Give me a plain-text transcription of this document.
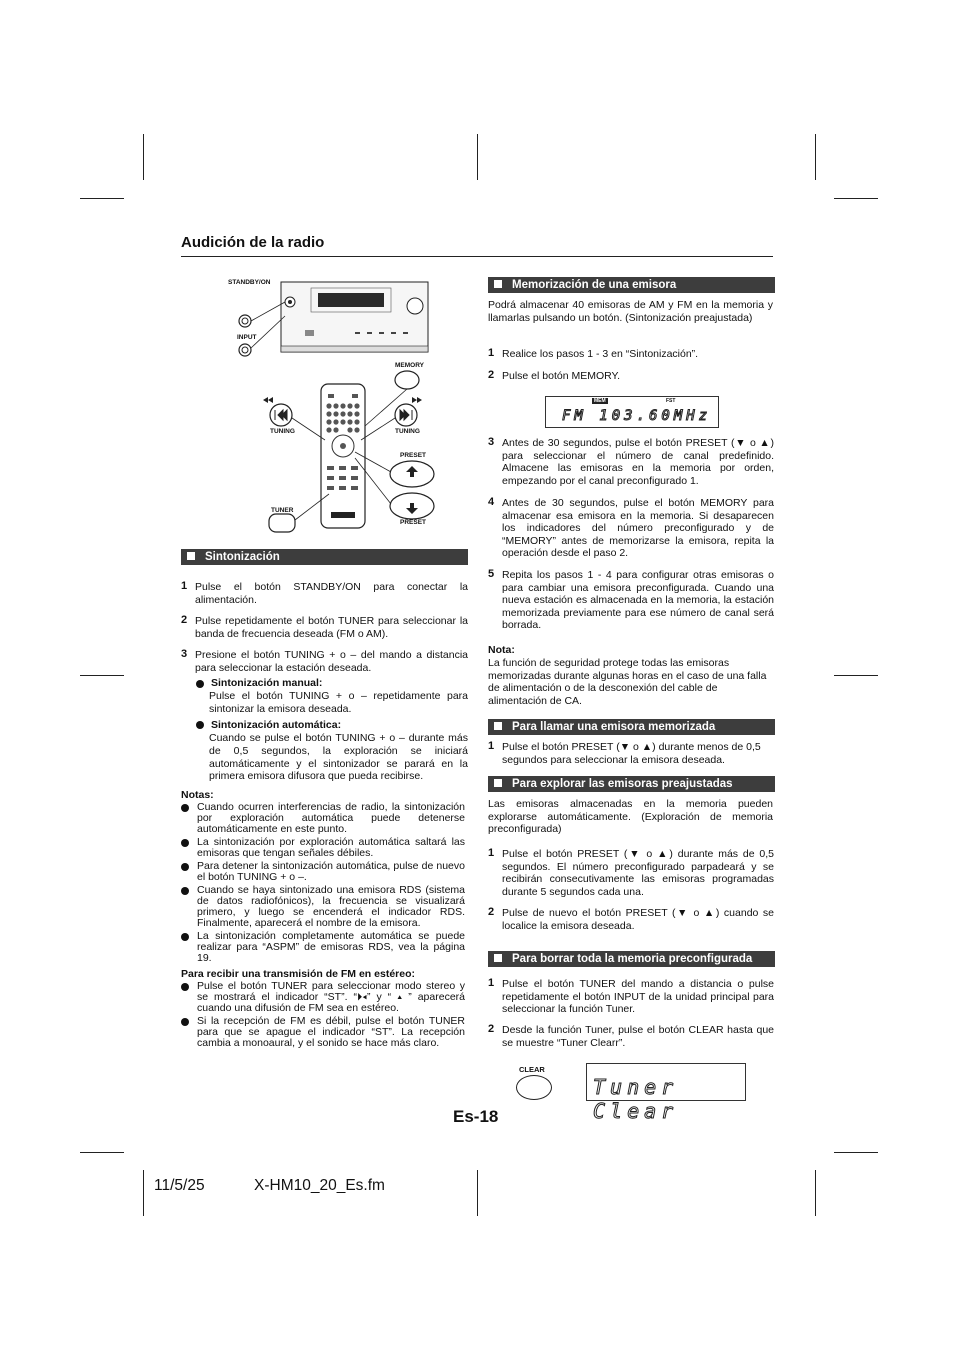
Audición de la radio
STANDBY/ON
INPUT
MEMORY
TUNING	TUNING
PRESET
TUNER
PRESET
Sintonización
1 Pulse el botón STANDBY/ON para conectar la alimentación.
2 Pulse repetidamente el botón TUNER para seleccionar la banda de frecuencia deseada (FM o AM).
3 Presione el botón TUNING + o – del mando a distancia para seleccionar la estación deseada.
Sintonización manual:
Pulse el botón TUNING + o – repetidamente para sintonizar la emisora deseada.
Sintonización automática:
Cuando se pulse el botón TUNING + o – durante más de 0,5 segundos, la exploración se iniciará automáticamente y el sintonizador se parará en la primera emisora difusora que pueda recibirse.
Notas:
Cuando ocurren interferencias de radio, la sintonización por exploración automática puede detenerse automáticamente en este punto.
La sintonización por exploración automática saltará las emisoras que tengan señales débiles.
Para detener la sintonización automática, pulse de nuevo el botón TUNING + o –.
Cuando se haya sintonizado una emisora RDS (sistema de datos radiofónicos), la frecuencia se visualizará primero, y luego se encenderá el indicador RDS. Finalmente, aparecerá el nombre de la emisora.
La sintonización completamente automática se puede realizar para “ASPM” de emisoras RDS, vea la página 19.
Para recibir una transmisión de FM en estéreo:
Pulse el botón TUNER para seleccionar modo stereo y se mostrará el indicador “ST”. “⏵◂” y “ ▴ ” aparecerá cuando una difusión de FM sea en estéreo.
Si la recepción de FM es débil, pulse el botón TUNER para que se apague el indicador “ST”. La recepción cambia a monoaural, y el sonido se hace más claro.
Memorización de una emisora
Podrá almacenar 40 emisoras de AM y FM en la memoria y llamarlas pulsando un botón. (Sintonización preajustada)
1 Realice los pasos 1 - 3 en “Sintonización”.
2 Pulse el botón MEMORY.
MEM	FST
FM 103.60MHz
3 Antes de 30 segundos, pulse el botón PRESET (▼ o ▲) para seleccionar el número de canal predefinido. Almacene las emisoras en la memoria por orden, empezando por el canal preconfigurado 1.
4 Antes de 30 segundos, pulse el botón MEMORY para almacenar esa emisora en la memoria. Si desaparecen los indicadores del número preconfigurado y de “MEMORY” antes de memorizarse la emisora, repita la operación desde el paso 2.
5 Repita los pasos 1 - 4 para configurar otras emisoras o para cambiar una emisora preconfigurada. Cuando una nueva estación es almacenada en la memoria, la estación memorizada previamente para ese número de canal será borrada.
Nota:
La función de seguridad protege todas las emisoras memorizadas durante algunas horas en el caso de una falla de alimentación o de la desconexión del cable de alimentación de CA.
Para llamar una emisora memorizada
1 Pulse el botón PRESET (▼ o ▲) durante menos de 0,5 segundos para seleccionar la emisora deseada.
Para explorar las emisoras preajustadas
Las emisoras almacenadas en la memoria pueden explorarse automáticamente. (Exploración de memoria preconfigurada)
1 Pulse el botón PRESET (▼ o ▲) durante más de 0,5 segundos. El número preconfigurado parpadeará y se recibirán consecutivamente las emisoras programadas durante 5 segundos cada una.
2 Pulse de nuevo el botón PRESET (▼ o ▲) cuando se localice la emisora deseada.
Para borrar toda la memoria preconfigurada
1 Pulse el botón TUNER del mando a distancia o pulse repetidamente el botón INPUT de la unidad principal para seleccionar la función Tuner.
2 Desde la función Tuner, pulse el botón CLEAR hasta que se muestre “Tuner Clearr”.
CLEAR
Tuner Clear
Es-18
11/5/25	X-HM10_20_Es.fm
